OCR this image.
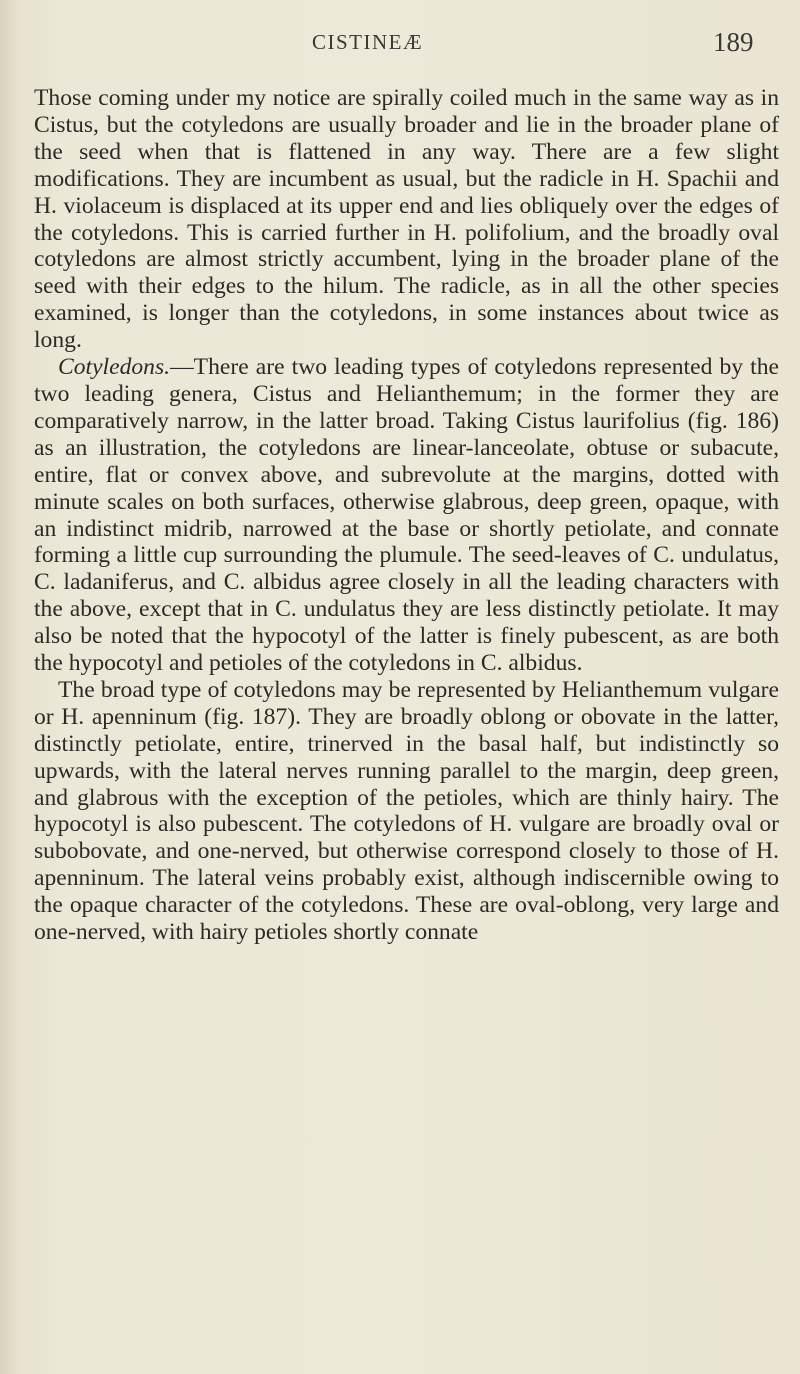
CISTINEÆ	189

Those coming under my notice are spirally coiled much in the same way as in Cistus, but the cotyledons are usually broader and lie in the broader plane of the seed when that is flattened in any way. There are a few slight modifications. They are incumbent as usual, but the radicle in H. Spachii and H. violaceum is displaced at its upper end and lies obliquely over the edges of the cotyledons. This is carried further in H. polifolium, and the broadly oval cotyledons are almost strictly accumbent, lying in the broader plane of the seed with their edges to the hilum. The radicle, as in all the other species examined, is longer than the cotyledons, in some instances about twice as long.

Cotyledons.—There are two leading types of cotyledons represented by the two leading genera, Cistus and Helianthemum; in the former they are comparatively narrow, in the latter broad. Taking Cistus laurifolius (fig. 186) as an illustration, the cotyledons are linear-lanceolate, obtuse or subacute, entire, flat or convex above, and subrevolute at the margins, dotted with minute scales on both surfaces, otherwise glabrous, deep green, opaque, with an indistinct midrib, narrowed at the base or shortly petiolate, and connate forming a little cup surrounding the plumule. The seed-leaves of C. undulatus, C. ladaniferus, and C. albidus agree closely in all the leading characters with the above, except that in C. undulatus they are less distinctly petiolate. It may also be noted that the hypocotyl of the latter is finely pubescent, as are both the hypocotyl and petioles of the cotyledons in C. albidus.

The broad type of cotyledons may be represented by Helianthemum vulgare or H. apenninum (fig. 187). They are broadly oblong or obovate in the latter, distinctly petiolate, entire, trinerved in the basal half, but indistinctly so upwards, with the lateral nerves running parallel to the margin, deep green, and glabrous with the exception of the petioles, which are thinly hairy. The hypocotyl is also pubescent. The cotyledons of H. vulgare are broadly oval or subobovate, and one-nerved, but otherwise correspond closely to those of H. apenninum. The lateral veins probably exist, although indiscernible owing to the opaque character of the cotyledons. These are oval-oblong, very large and one-nerved, with hairy petioles shortly connate
